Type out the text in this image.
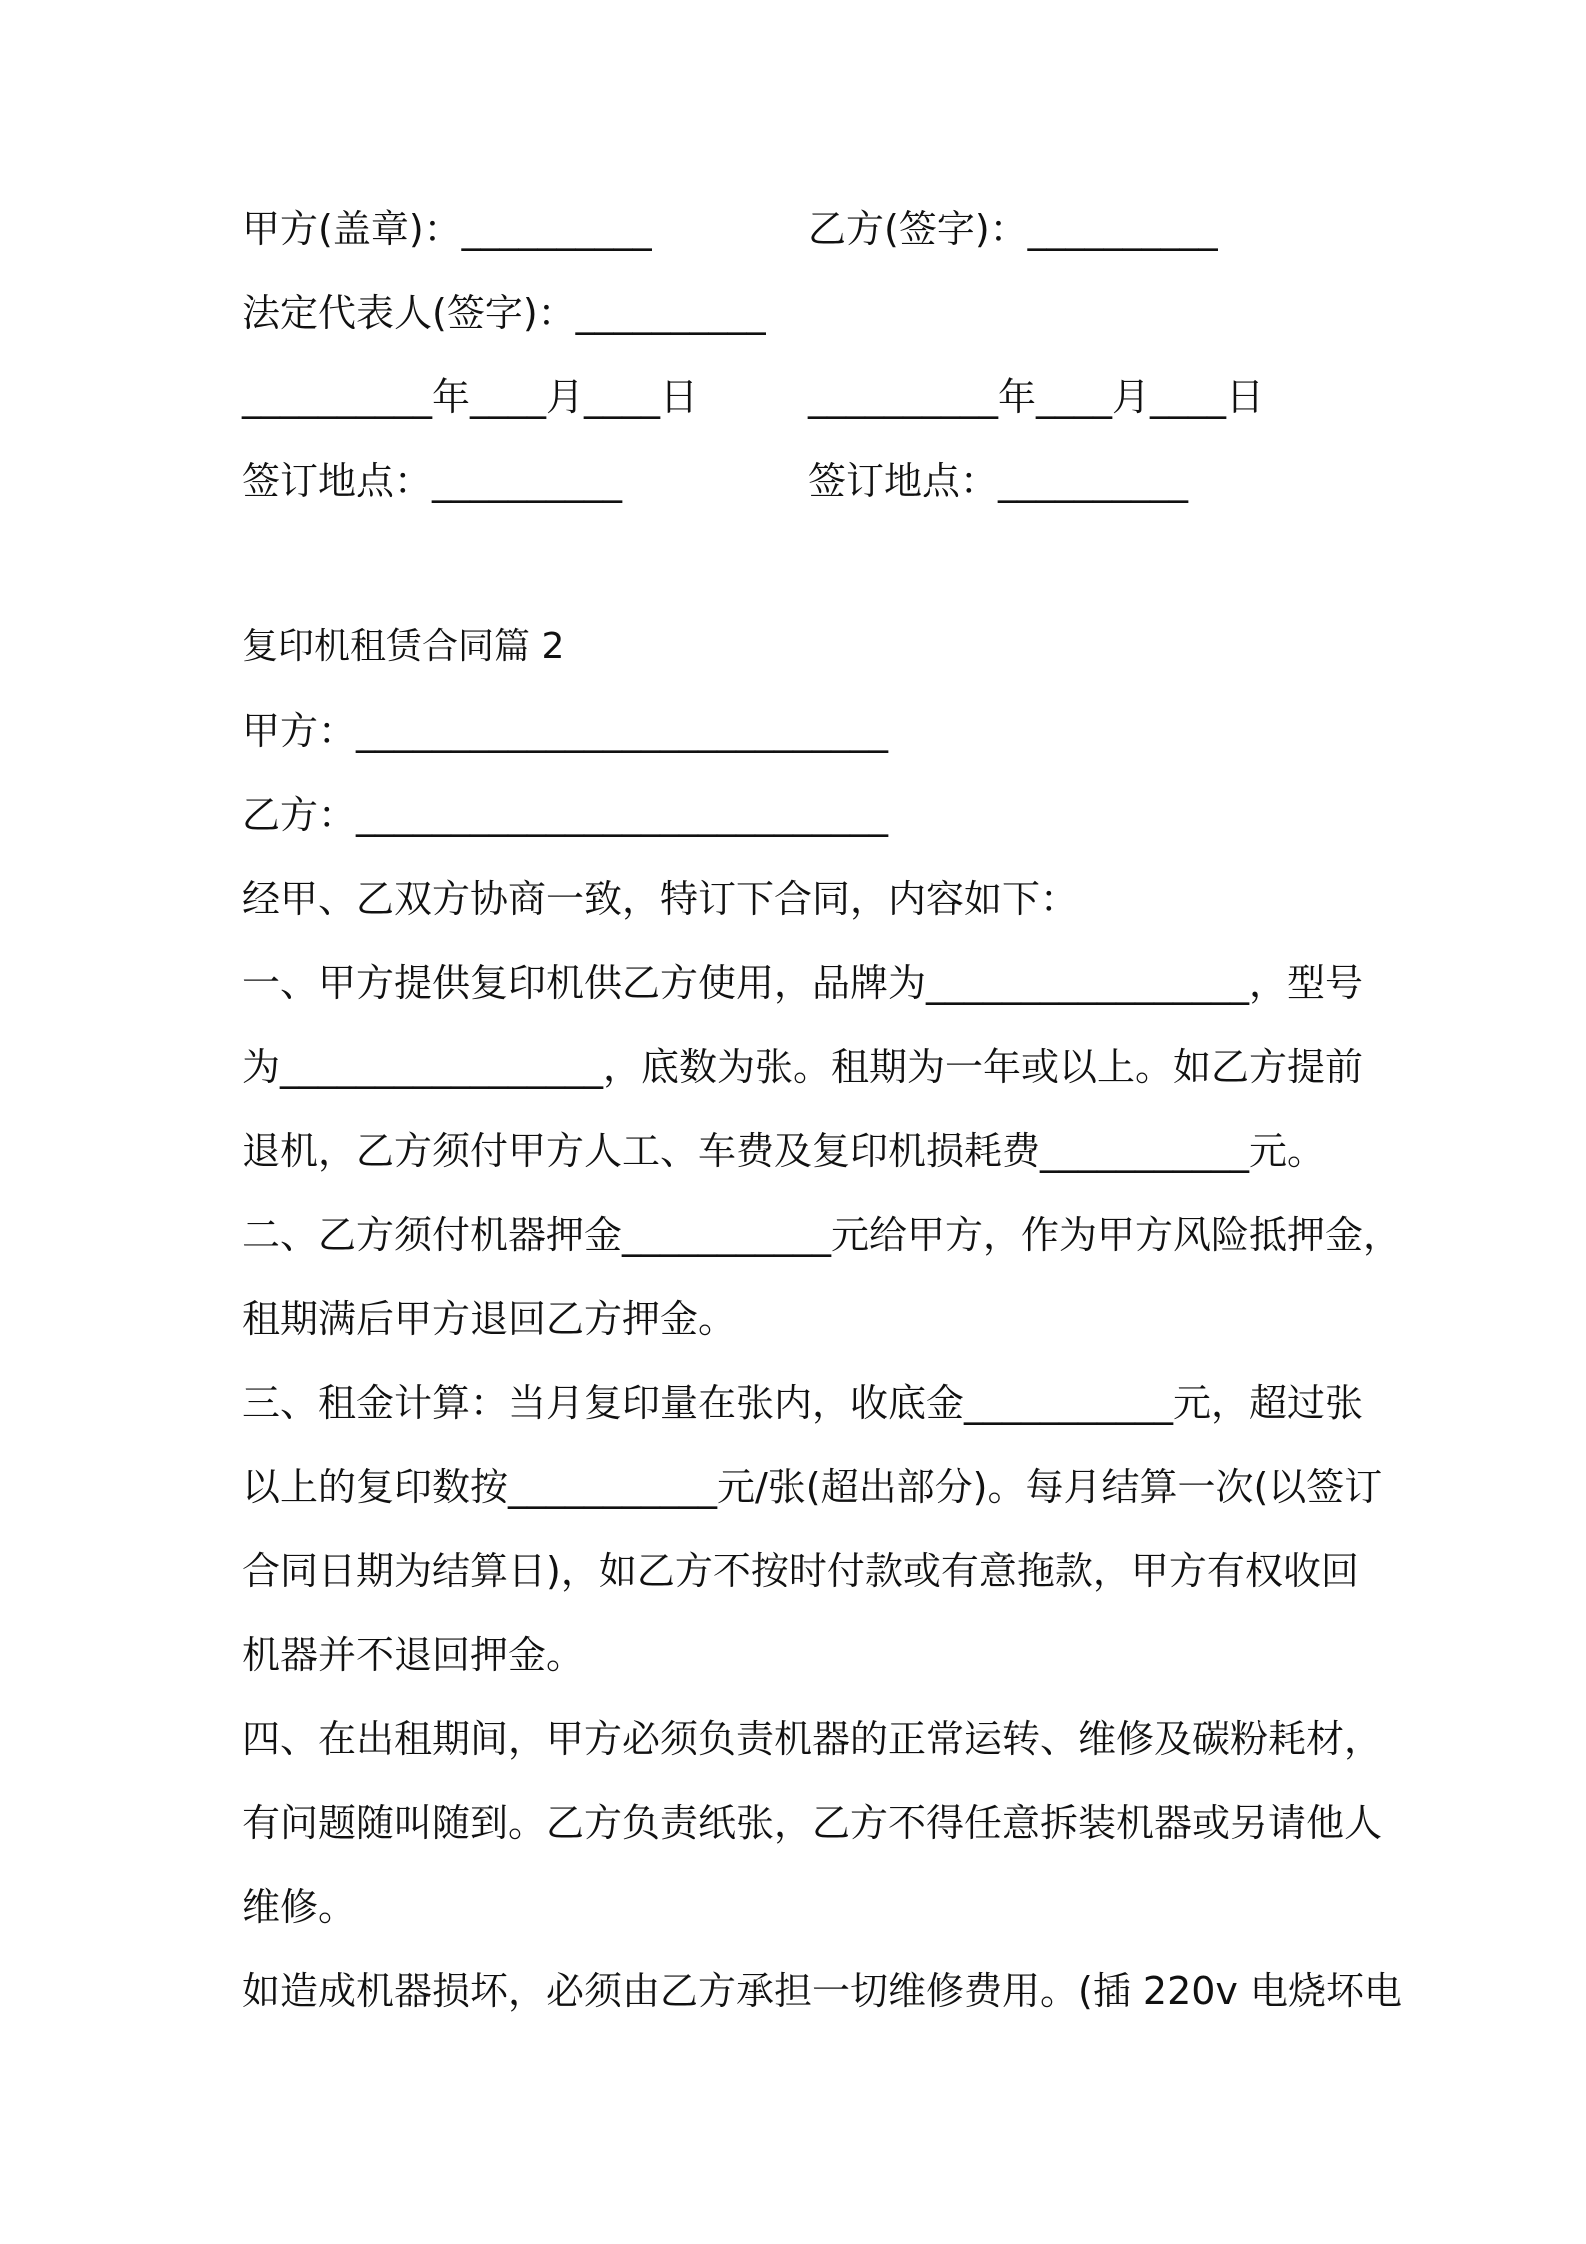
甲方(盖章)：__________	乙方(签字)：__________
法定代表人(签字)：__________
__________年____月____日	__________年____月____日
签订地点：__________	签订地点：__________
复印机租赁合同篇 2
甲方：____________________________
乙方：____________________________
经甲、乙双方协商一致，特订下合同，内容如下：
一、甲方提供复印机供乙方使用，品牌为_________________，型号
为_________________，底数为张。租期为一年或以上。如乙方提前
退机，乙方须付甲方人工、车费及复印机损耗费___________元。
二、乙方须付机器押金___________元给甲方，作为甲方风险抵押金，
租期满后甲方退回乙方押金。
三、租金计算：当月复印量在张内，收底金___________元，超过张
以上的复印数按___________元/张(超出部分)。每月结算一次(以签订
合同日期为结算日)，如乙方不按时付款或有意拖款，甲方有权收回
机器并不退回押金。
四、在出租期间，甲方必须负责机器的正常运转、维修及碳粉耗材，
有问题随叫随到。乙方负责纸张，乙方不得任意拆装机器或另请他人
维修。
如造成机器损坏，必须由乙方承担一切维修费用。(插 220v 电烧坏电
